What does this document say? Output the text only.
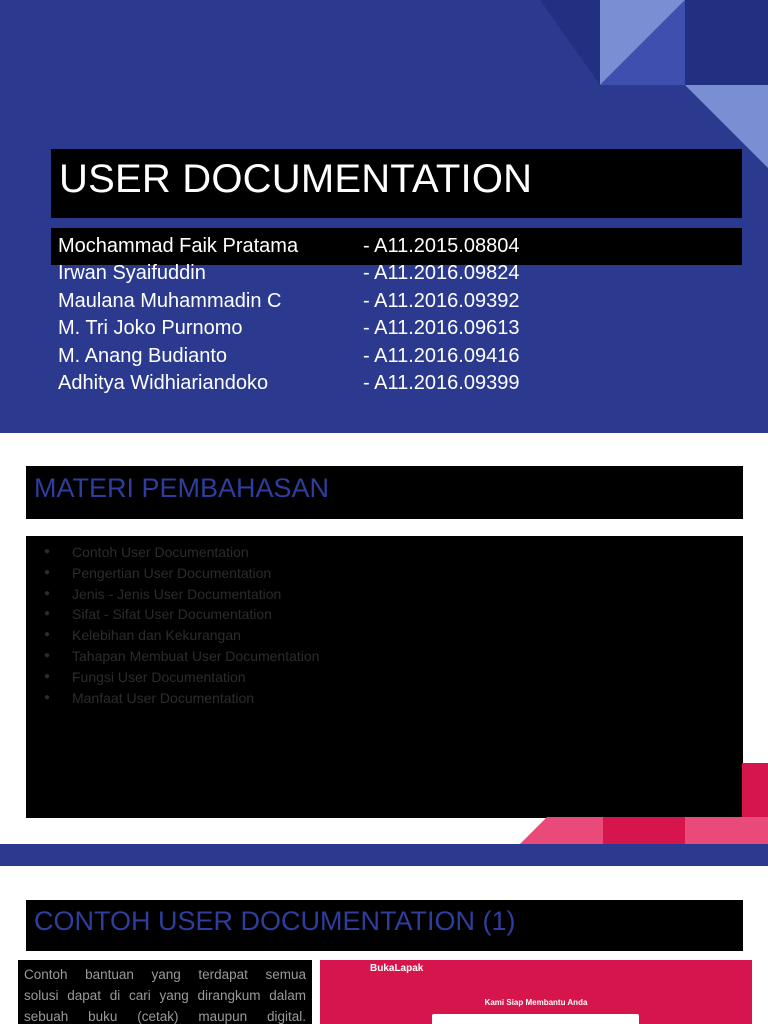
USER DOCUMENTATION
Mochammad Faik Pratama	- A11.2015.08804
Irwan Syaifuddin	- A11.2016.09824
Maulana Muhammadin C	- A11.2016.09392
M. Tri Joko Purnomo	- A11.2016.09613
M. Anang Budianto	- A11.2016.09416
Adhitya Widhiariandoko	- A11.2016.09399
MATERI PEMBAHASAN
●	Contoh User Documentation
●	Pengertian User Documentation
●	Jenis - Jenis User Documentation
●	Sifat - Sifat User Documentation
●	Kelebihan dan Kekurangan
●	Tahapan Membuat User Documentation
●	Fungsi User Documentation
●	Manfaat User Documentation
CONTOH USER DOCUMENTATION (1)
Contoh bantuan yang terdapat semua
solusi dapat di cari yang dirangkum dalam
sebuah buku (cetak) maupun digital.
BukaLapak
Kami Siap Membantu Anda
